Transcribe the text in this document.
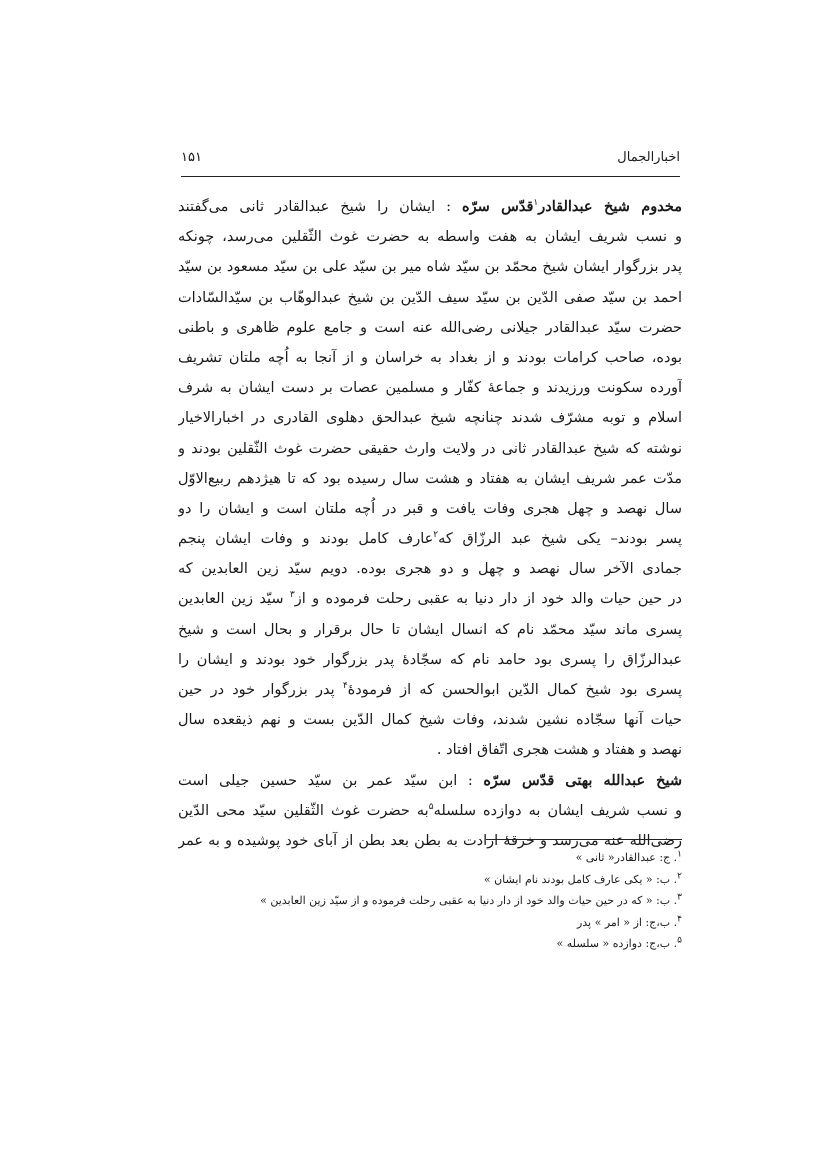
اخبارالجمال
۱۵۱
مخدوم شیخ عبدالقادر$^۱$قدّس سرّه : ایشان را شیخ عبدالقادر ثانی می‌گفتند
و نسب شریف ایشان به هفت واسطه به حضرت غوث الثّقلین می‌رسد، چونکه
پدر بزرگوار ایشان شیخ محمّد بن سیّد شاه میر بن سیّد علی بن سیّد مسعود بن سیّد
احمد بن سیّد صفی الدّین بن سیّد سیف الدّین بن شیخ عبدالوهّاب بن سیّدالسّادات
حضرت سیّد عبدالقادر جیلانی رضی‌الله عنه است و جامع علوم ظاهری و باطنی
بوده، صاحب کرامات بودند و از بغداد به خراسان و از آنجا به اُچه ملتان تشریف
آورده سکونت ورزیدند و جماعهٔ کفّار و مسلمین عصات بر دست ایشان به شرف
اسلام و توبه مشرّف شدند چنانچه شیخ عبدالحق دهلوی القادری در اخبارالاخیار
نوشته که شیخ عبدالقادر ثانی در ولایت وارث حقیقی حضرت غوث الثّقلین بودند و
مدّت عمر شریف ایشان به هفتاد و هشت سال رسیده بود که تا هیژدهم ربیع‌الاوّل
سال نهصد و چهل هجری وفات یافت و قبر در اُچه ملتان است و ایشان را دو
پسر بودند– یکی شیخ عبد الرزّاق که$^۲$عارف کامل بودند و وفات ایشان پنجم
جمادی الآخر سال نهصد و چهل و دو هجری بوده. دویم سیّد زین العابدین که
در حین حیات والد خود از دار دنیا به عقبی رحلت فرموده و از$^۳$ سیّد زین العابدین
پسری ماند سیّد محمّد نام که انسال ایشان تا حال برقرار و بحال است و شیخ
عبدالرزّاق را پسری بود حامد نام که سجّادهٔ پدر بزرگوار خود بودند و ایشان را
پسری بود شیخ کمال الدّین ابوالحسن که از فرمودهٔ$^۴$ پدر بزرگوار خود در حین
حیات آنها سجّاده نشین شدند، وفات شیخ کمال الدّین بست و نهم ذیقعده سال
نهصد و هفتاد و هشت هجری اتّفاق افتاد .
شیخ عبدالله بهتی قدّس سرّه : ابن سیّد عمر بن سیّد حسین جیلی است
و نسب شریف ایشان به دوازده سلسله$^۵$به حضرت غوث الثّقلین سیّد محی الدّین
رضی‌الله عنه می‌رسد و خرقهٔ ارادت به بطن بعد بطن از آبای خود پوشیده و به عمر
$^۱$. ج: عبدالقادر« ثانی »
$^۲$. ب: « یکی عارف کامل بودند نام ایشان »
$^۳$. ب: « که در حین حیات والد خود از دار دنیا به عقبی رحلت فرموده و از سیّد زین العابدین »
$^۴$. ب،ج: از « امر » پدر
$^۵$. ب،ج: دوازده « سلسله »
